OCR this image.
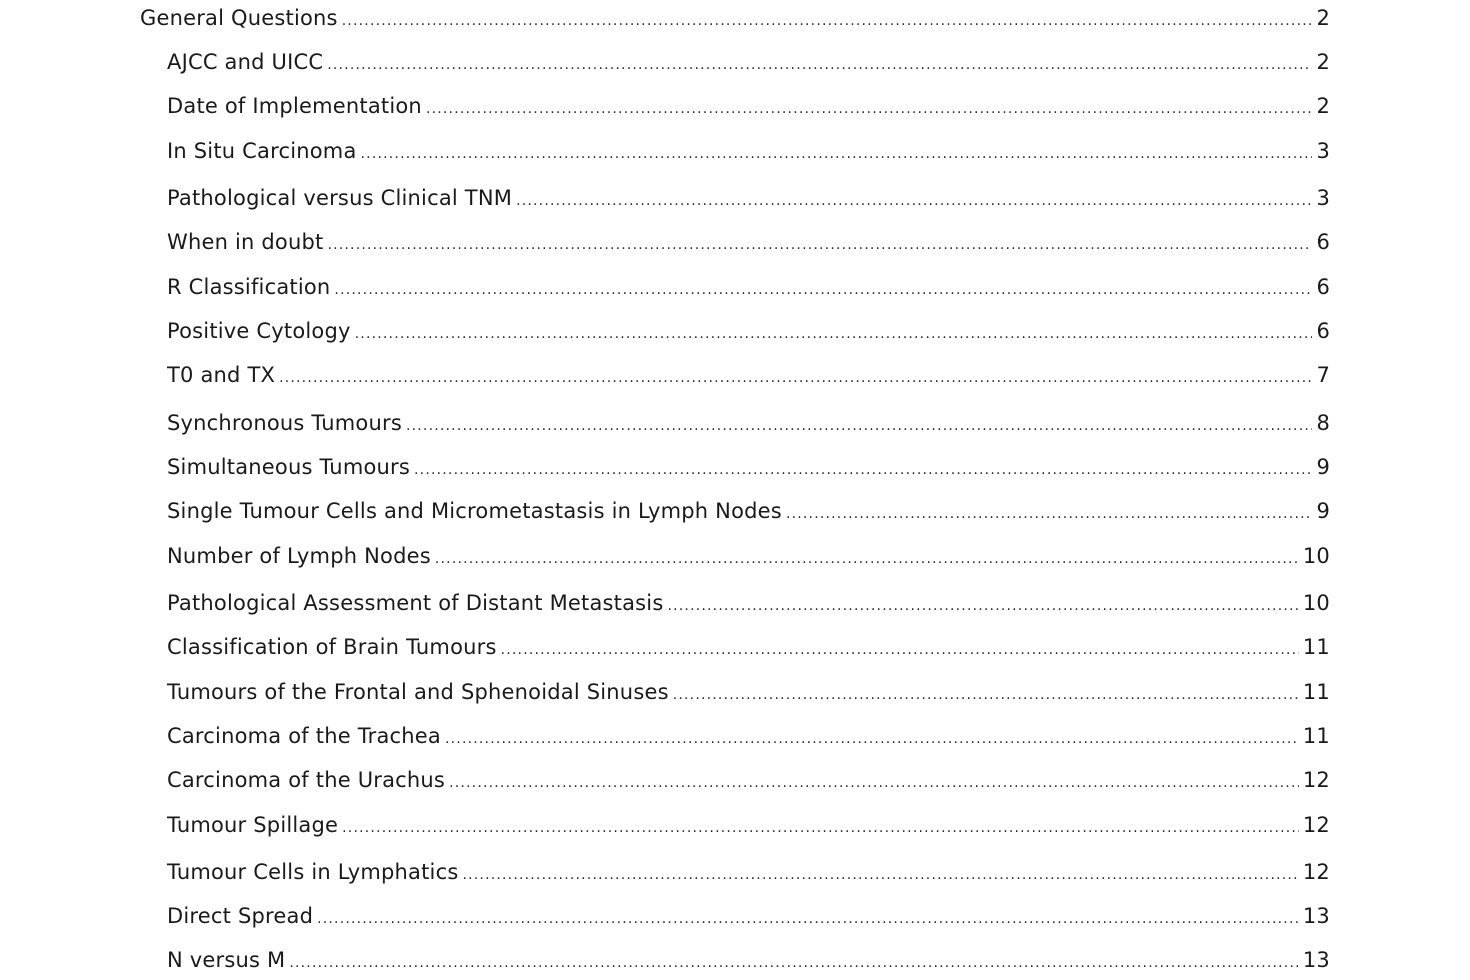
General Questions .....	2
AJCC and UICC .....	2
Date of Implementation .....	2
In Situ Carcinoma .....	3
Pathological versus Clinical TNM .....	3
When in doubt .....	6
R Classification .....	6
Positive Cytology .....	6
T0 and TX .....	7
Synchronous Tumours .....	8
Simultaneous Tumours .....	9
Single Tumour Cells and Micrometastasis in Lymph Nodes .....	9
Number of Lymph Nodes .....	10
Pathological Assessment of Distant Metastasis .....	10
Classification of Brain Tumours .....	11
Tumours of the Frontal and Sphenoidal Sinuses .....	11
Carcinoma of the Trachea .....	11
Carcinoma of the Urachus .....	12
Tumour Spillage .....	12
Tumour Cells in Lymphatics .....	12
Direct Spread .....	13
N versus M .....	13
